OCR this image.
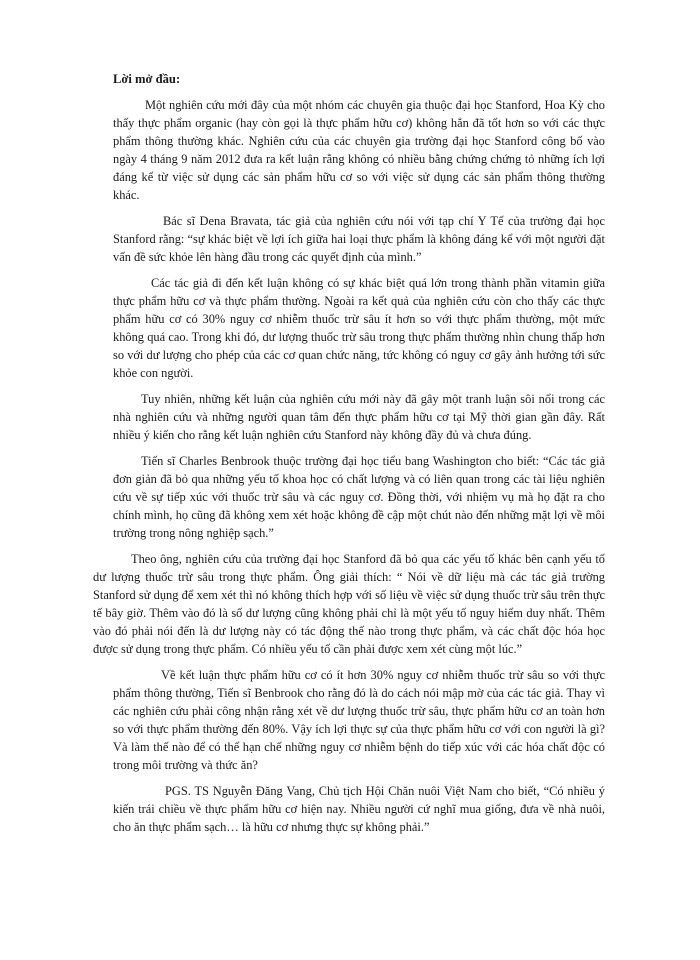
Lời mở đầu:

Một nghiên cứu mới đây của một nhóm các chuyên gia thuộc đại học Stanford, Hoa Kỳ cho thấy thực phẩm organic (hay còn gọi là thực phẩm hữu cơ) không hẳn đã tốt hơn so với các thực phẩm thông thường khác. Nghiên cứu của các chuyên gia trường đại học Stanford công bố vào ngày 4 tháng 9 năm 2012 đưa ra kết luận rằng không có nhiều bằng chứng chứng tỏ những ích lợi đáng kể từ việc sử dụng các sản phẩm hữu cơ so với việc sử dụng các sản phẩm thông thường khác.

Bác sĩ Dena Bravata, tác giả của nghiên cứu nói với tạp chí Y Tế của trường đại học Stanford rằng: “sự khác biệt về lợi ích giữa hai loại thực phẩm là không đáng kể với một người đặt vấn đề sức khỏe lên hàng đầu trong các quyết định của mình.”

Các tác giả đi đến kết luận không có sự khác biệt quá lớn trong thành phần vitamin giữa thực phẩm hữu cơ và thực phẩm thường. Ngoài ra kết quả của nghiên cứu còn cho thấy các thực phẩm hữu cơ có 30% nguy cơ nhiễm thuốc trừ sâu ít hơn so với thực phẩm thường, một mức không quá cao. Trong khi đó, dư lượng thuốc trừ sâu trong thực phẩm thường nhìn chung thấp hơn so với dư lượng cho phép của các cơ quan chức năng, tức không có nguy cơ gây ảnh hưởng tới sức khỏe con người.

Tuy nhiên, những kết luận của nghiên cứu mới này đã gây một tranh luận sôi nổi trong các nhà nghiên cứu và những người quan tâm đến thực phẩm hữu cơ tại Mỹ thời gian gần đây. Rất nhiều ý kiến cho rằng kết luận nghiên cứu Stanford này không đầy đủ và chưa đúng.

Tiến sĩ Charles Benbrook thuộc trường đại học tiểu bang Washington cho biết: “Các tác giả đơn giản đã bỏ qua những yếu tố khoa học có chất lượng và có liên quan trong các tài liệu nghiên cứu về sự tiếp xúc với thuốc trừ sâu và các nguy cơ. Đồng thời, với nhiệm vụ mà họ đặt ra cho chính mình, họ cũng đã không xem xét hoặc không đề cập một chút nào đến những mặt lợi về môi trường trong nông nghiệp sạch.”

Theo ông, nghiên cứu của trường đại học Stanford đã bỏ qua các yếu tố khác bên cạnh yếu tố dư lượng thuốc trừ sâu trong thực phẩm. Ông giải thích: “ Nói về dữ liệu mà các tác giả trường Stanford sử dụng để xem xét thì nó không thích hợp với số liệu về việc sử dụng thuốc trừ sâu trên thực tế bây giờ. Thêm vào đó là số dư lượng cũng không phải chỉ là một yếu tố nguy hiểm duy nhất. Thêm vào đó phải nói đến là dư lượng này có tác động thế nào trong thực phẩm, và các chất độc hóa học được sử dụng trong thực phẩm. Có nhiều yếu tố cần phải được xem xét cùng một lúc.”

Về kết luận thực phẩm hữu cơ có ít hơn 30% nguy cơ nhiễm thuốc trừ sâu so với thực phẩm thông thường, Tiến sĩ Benbrook cho rằng đó là do cách nói mập mờ của các tác giả. Thay vì các nghiên cứu phải công nhận rằng xét về dư lượng thuốc trừ sâu, thực phẩm hữu cơ an toàn hơn so với thực phẩm thường đến 80%. Vậy ích lợi thực sự của thực phẩm hữu cơ với con người là gì? Và làm thế nào để có thể hạn chế những nguy cơ nhiễm bệnh do tiếp xúc với các hóa chất độc có trong môi trường và thức ăn?

PGS. TS Nguyễn Đăng Vang, Chủ tịch Hội Chăn nuôi Việt Nam cho biết, “Có nhiều ý kiến trái chiều về thực phẩm hữu cơ hiện nay. Nhiều người cứ nghĩ mua giống, đưa về nhà nuôi, cho ăn thực phẩm sạch… là hữu cơ nhưng thực sự không phải.”
